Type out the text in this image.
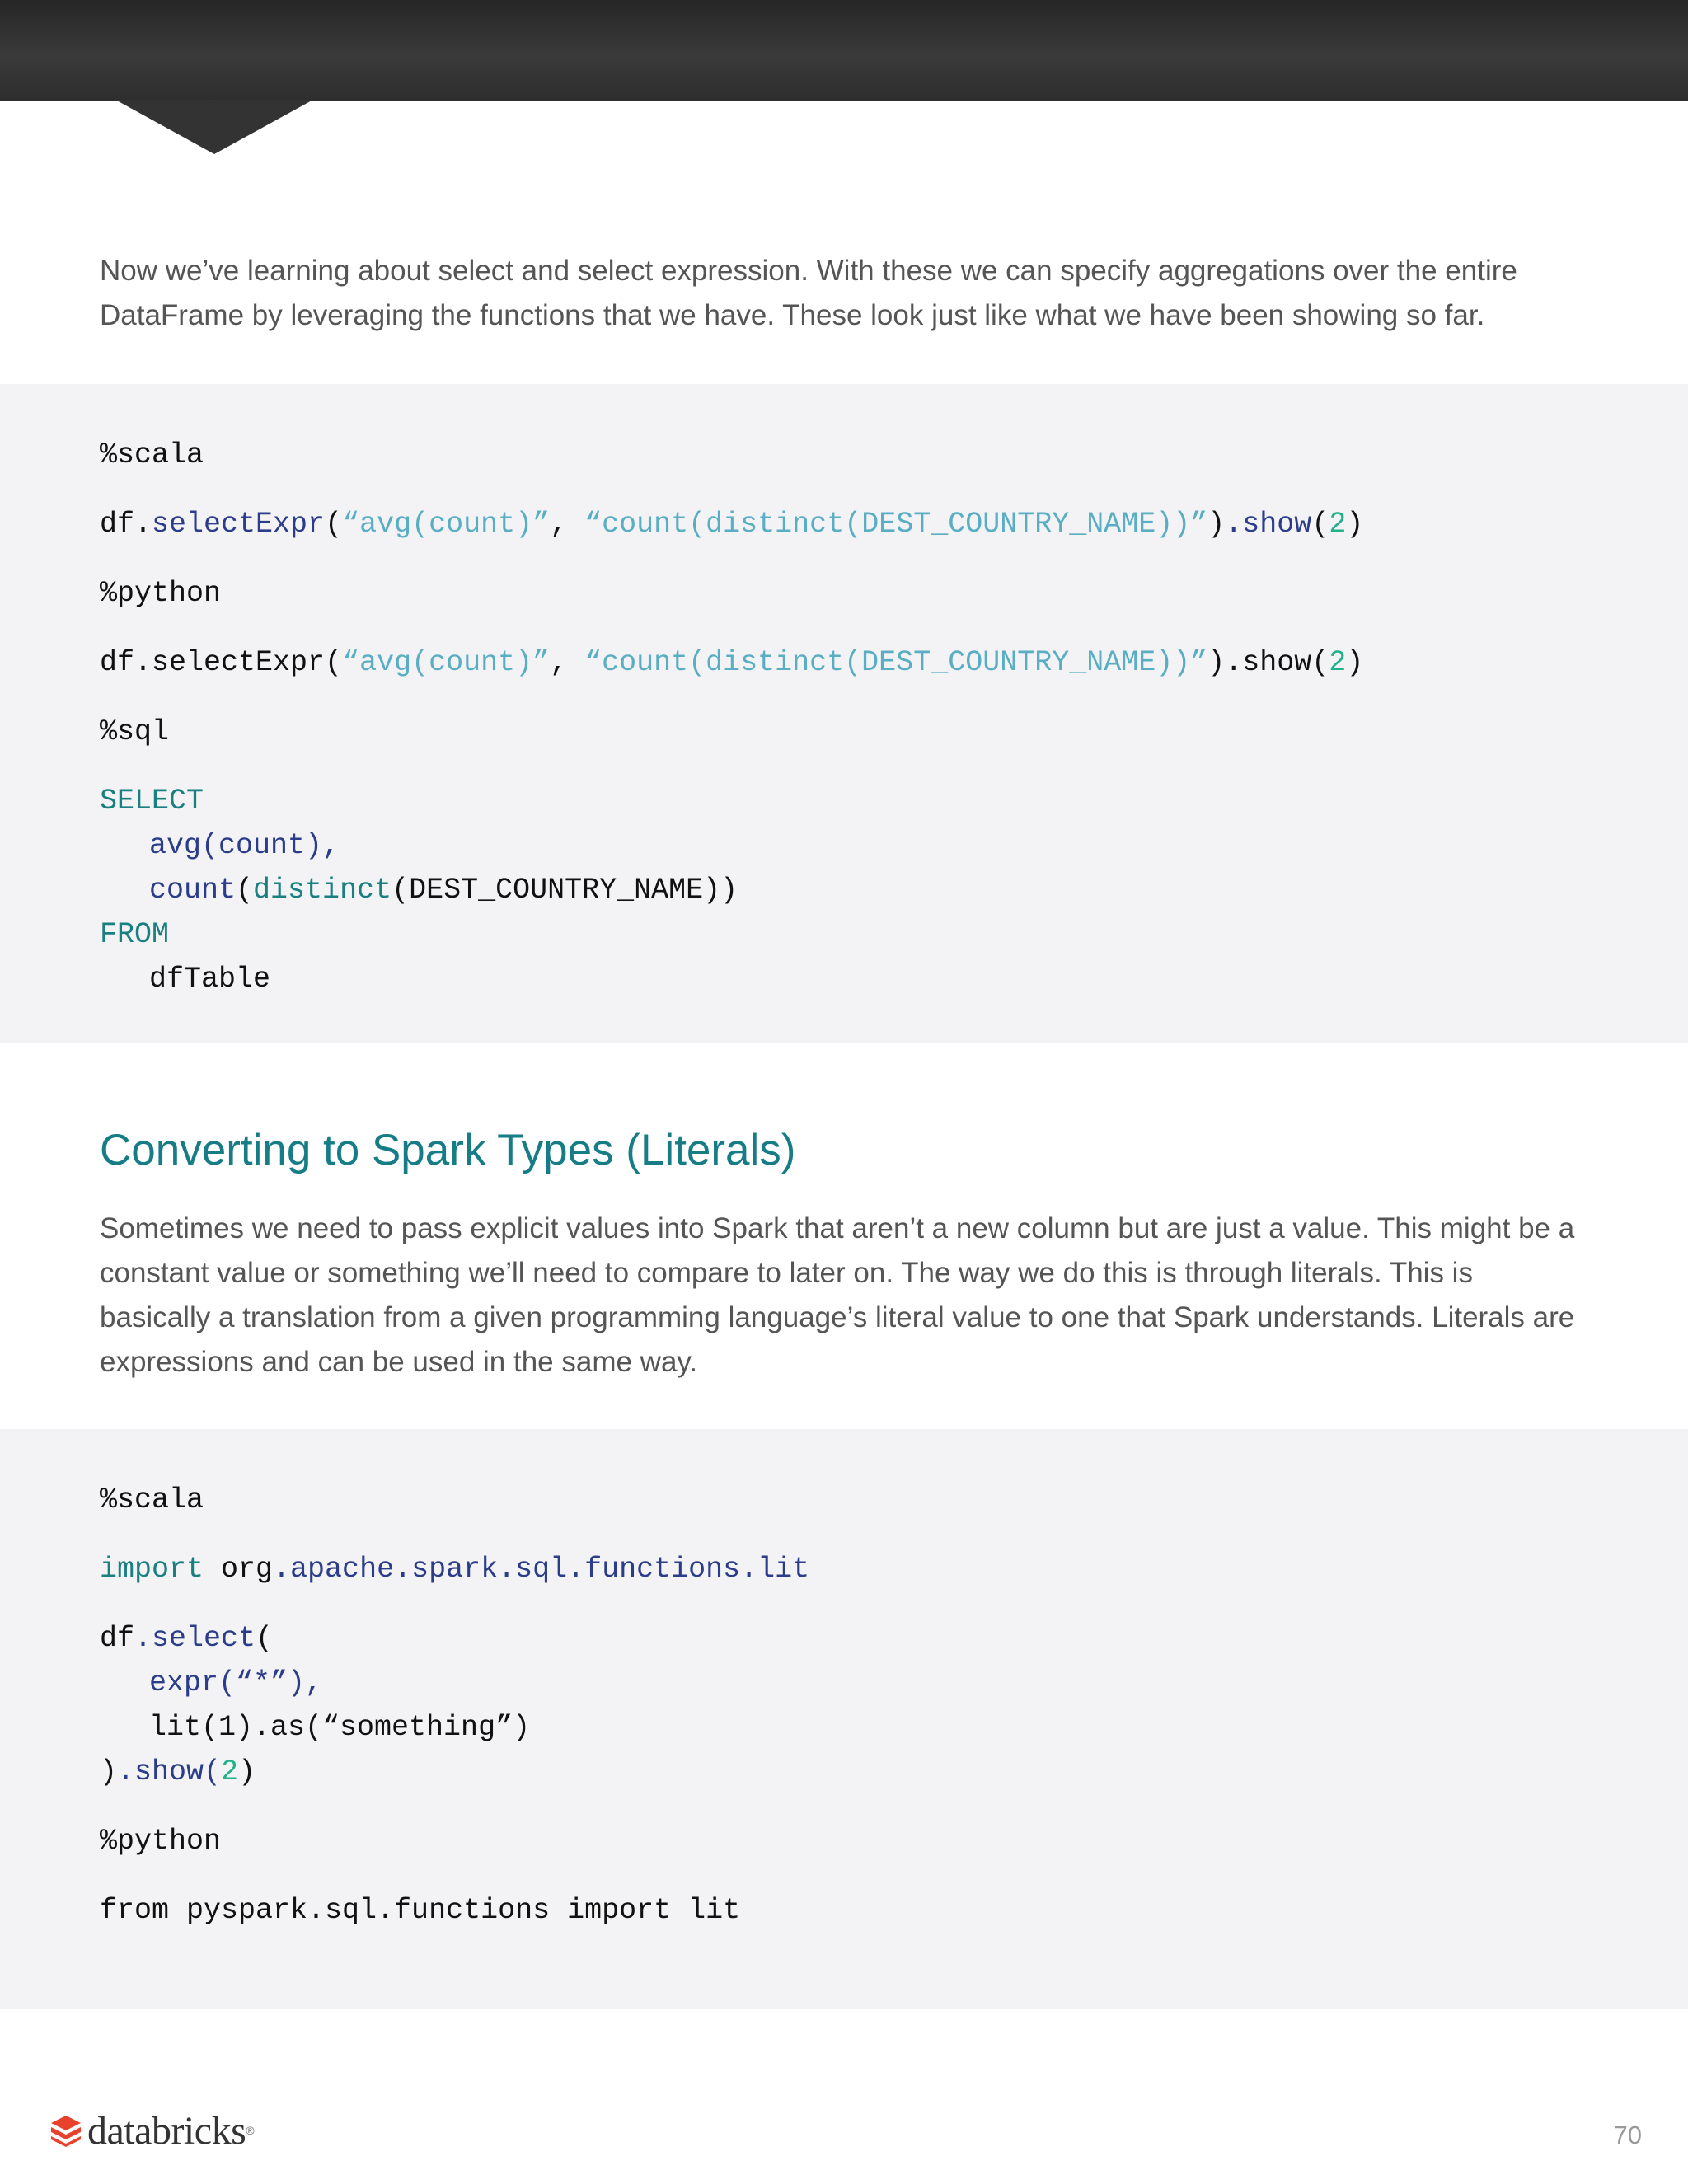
Now we’ve learning about select and select expression. With these we can specify aggregations over the entire DataFrame by leveraging the functions that we have. These look just like what we have been showing so far.

%scala
df.selectExpr(“avg(count)”, “count(distinct(DEST_COUNTRY_NAME))”).show(2)
%python
df.selectExpr(“avg(count)”, “count(distinct(DEST_COUNTRY_NAME))”).show(2)
%sql
SELECT
avg(count),
count(distinct(DEST_COUNTRY_NAME))
FROM
dfTable
Converting to Spark Types (Literals)

Sometimes we need to pass explicit values into Spark that aren’t a new column but are just a value. This might be a constant value or something we’ll need to compare to later on. The way we do this is through literals. This is basically a translation from a given programming language’s literal value to one that Spark understands. Literals are expressions and can be used in the same way.

%scala
import org.apache.spark.sql.functions.lit
df.select(
expr(“*”),
lit(1).as(“something”)
).show(2)
%python
from pyspark.sql.functions import lit
databricks ®	70
